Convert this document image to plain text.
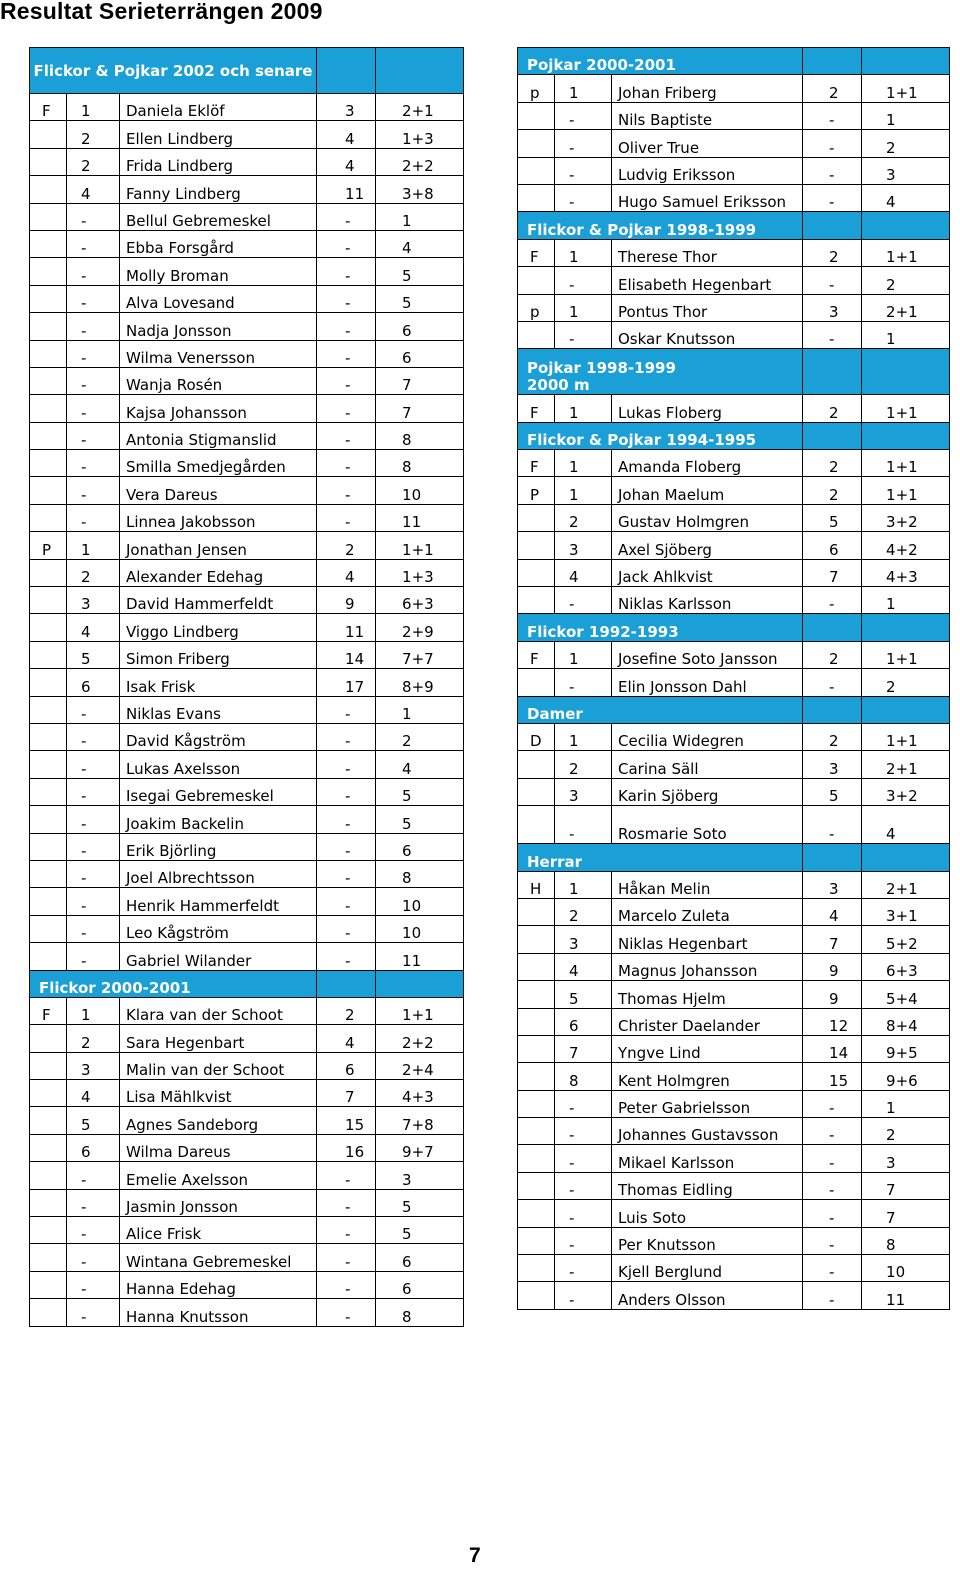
Resultat Serieterrängen 2009
Flickor & Pojkar 2002 och senare				
F	1	Daniela Eklöf	3	2+1
	2	Ellen Lindberg	4	1+3
	2	Frida Lindberg	4	2+2
	4	Fanny Lindberg	11	3+8
	-	Bellul Gebremeskel	-	1
	-	Ebba Forsgård	-	4
	-	Molly Broman	-	5
	-	Alva Lovesand	-	5
	-	Nadja Jonsson	-	6
	-	Wilma Venersson	-	6
	-	Wanja Rosén	-	7
	-	Kajsa Johansson	-	7
	-	Antonia Stigmanslid	-	8
	-	Smilla Smedjegården	-	8
	-	Vera Dareus	-	10
	-	Linnea Jakobsson	-	11
P	1	Jonathan Jensen	2	1+1
	2	Alexander Edehag	4	1+3
	3	David Hammerfeldt	9	6+3
	4	Viggo Lindberg	11	2+9
	5	Simon Friberg	14	7+7
	6	Isak Frisk	17	8+9
	-	Niklas Evans	-	1
	-	David Kågström	-	2
	-	Lukas Axelsson	-	4
	-	Isegai Gebremeskel	-	5
	-	Joakim Backelin	-	5
	-	Erik Björling	-	6
	-	Joel Albrechtsson	-	8
	-	Henrik Hammerfeldt	-	10
	-	Leo Kågström	-	10
	-	Gabriel Wilander	-	11
Flickor 2000-2001				
F	1	Klara van der Schoot	2	1+1
	2	Sara Hegenbart	4	2+2
	3	Malin van der Schoot	6	2+4
	4	Lisa Mählkvist	7	4+3
	5	Agnes Sandeborg	15	7+8
	6	Wilma Dareus	16	9+7
	-	Emelie Axelsson	-	3
	-	Jasmin Jonsson	-	5
	-	Alice Frisk	-	5
	-	Wintana Gebremeskel	-	6
	-	Hanna Edehag	-	6
	-	Hanna Knutsson	-	8
Pojkar 2000-2001				
p	1	Johan Friberg	2	1+1
	-	Nils Baptiste	-	1
	-	Oliver True	-	2
	-	Ludvig Eriksson	-	3
	-	Hugo Samuel Eriksson	-	4
Flickor & Pojkar 1998-1999				
F	1	Therese Thor	2	1+1
	-	Elisabeth Hegenbart	-	2
p	1	Pontus Thor	3	2+1
	-	Oskar Knutsson	-	1
Pojkar 1998-1999
2000 m				
F	1	Lukas Floberg	2	1+1
Flickor & Pojkar 1994-1995				
F	1	Amanda Floberg	2	1+1
P	1	Johan Maelum	2	1+1
	2	Gustav Holmgren	5	3+2
	3	Axel Sjöberg	6	4+2
	4	Jack Ahlkvist	7	4+3
	-	Niklas Karlsson	-	1
Flickor 1992-1993				
F	1	Josefine Soto Jansson	2	1+1
	-	Elin Jonsson Dahl	-	2
Damer				
D	1	Cecilia Widegren	2	1+1
	2	Carina Säll	3	2+1
	3	Karin Sjöberg	5	3+2
	-	Rosmarie Soto	-	4
Herrar				
H	1	Håkan Melin	3	2+1
	2	Marcelo Zuleta	4	3+1
	3	Niklas Hegenbart	7	5+2
	4	Magnus Johansson	9	6+3
	5	Thomas Hjelm	9	5+4
	6	Christer Daelander	12	8+4
	7	Yngve Lind	14	9+5
	8	Kent Holmgren	15	9+6
	-	Peter Gabrielsson	-	1
	-	Johannes Gustavsson	-	2
	-	Mikael Karlsson	-	3
	-	Thomas Eidling	-	7
	-	Luis Soto	-	7
	-	Per Knutsson	-	8
	-	Kjell Berglund	-	10
	-	Anders Olsson	-	11
7
